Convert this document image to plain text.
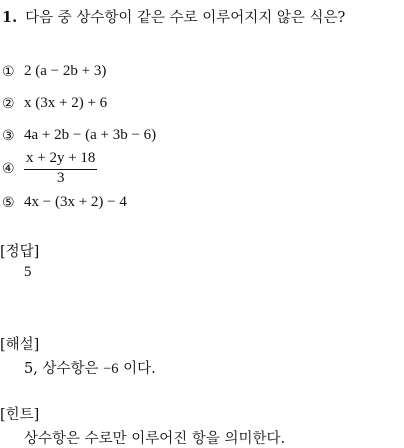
1. 다음 중 상수항이 같은 수로 이루어지지 않은 식은?
① 2 (a − 2b + 3)
② x (3x + 2) + 6
③ 4a + 2b − (a + 3b − 6)
④ $\frac{x + 2y + 18}{3}$
⑤ 4x − (3x + 2) − 4
[정답]
5
[해설]
5, 상수항은 −6 이다.
[힌트]
상수항은 수로만 이루어진 항을 의미한다.
